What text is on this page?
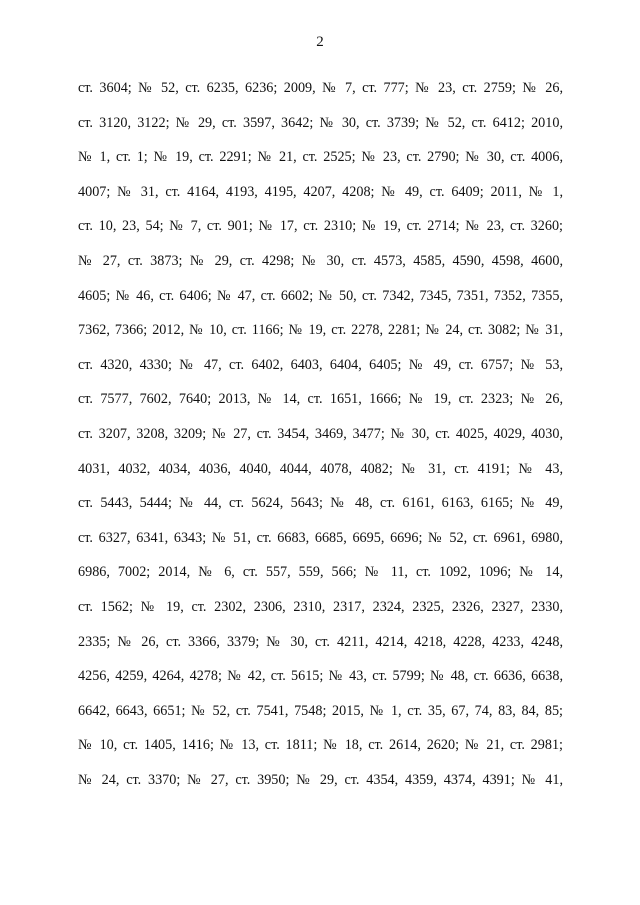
2
ст. 3604; № 52, ст. 6235, 6236; 2009, № 7, ст. 777; № 23, ст. 2759; № 26,
ст. 3120, 3122; № 29, ст. 3597, 3642; № 30, ст. 3739; № 52, ст. 6412; 2010,
№ 1, ст. 1; № 19, ст. 2291; № 21, ст. 2525; № 23, ст. 2790; № 30, ст. 4006,
4007; № 31, ст. 4164, 4193, 4195, 4207, 4208; № 49, ст. 6409; 2011, № 1,
ст. 10, 23, 54; № 7, ст. 901; № 17, ст. 2310; № 19, ст. 2714; № 23, ст. 3260;
№ 27, ст. 3873; № 29, ст. 4298; № 30, ст. 4573, 4585, 4590, 4598, 4600,
4605; № 46, ст. 6406; № 47, ст. 6602; № 50, ст. 7342, 7345, 7351, 7352, 7355,
7362, 7366; 2012, № 10, ст. 1166; № 19, ст. 2278, 2281; № 24, ст. 3082; № 31,
ст. 4320, 4330; № 47, ст. 6402, 6403, 6404, 6405; № 49, ст. 6757; № 53,
ст. 7577, 7602, 7640; 2013, № 14, ст. 1651, 1666; № 19, ст. 2323; № 26,
ст. 3207, 3208, 3209; № 27, ст. 3454, 3469, 3477; № 30, ст. 4025, 4029, 4030,
4031, 4032, 4034, 4036, 4040, 4044, 4078, 4082; № 31, ст. 4191; № 43,
ст. 5443, 5444; № 44, ст. 5624, 5643; № 48, ст. 6161, 6163, 6165; № 49,
ст. 6327, 6341, 6343; № 51, ст. 6683, 6685, 6695, 6696; № 52, ст. 6961, 6980,
6986, 7002; 2014, № 6, ст. 557, 559, 566; № 11, ст. 1092, 1096; № 14,
ст. 1562; № 19, ст. 2302, 2306, 2310, 2317, 2324, 2325, 2326, 2327, 2330,
2335; № 26, ст. 3366, 3379; № 30, ст. 4211, 4214, 4218, 4228, 4233, 4248,
4256, 4259, 4264, 4278; № 42, ст. 5615; № 43, ст. 5799; № 48, ст. 6636, 6638,
6642, 6643, 6651; № 52, ст. 7541, 7548; 2015, № 1, ст. 35, 67, 74, 83, 84, 85;
№ 10, ст. 1405, 1416; № 13, ст. 1811; № 18, ст. 2614, 2620; № 21, ст. 2981;
№ 24, ст. 3370; № 27, ст. 3950; № 29, ст. 4354, 4359, 4374, 4391; № 41,
